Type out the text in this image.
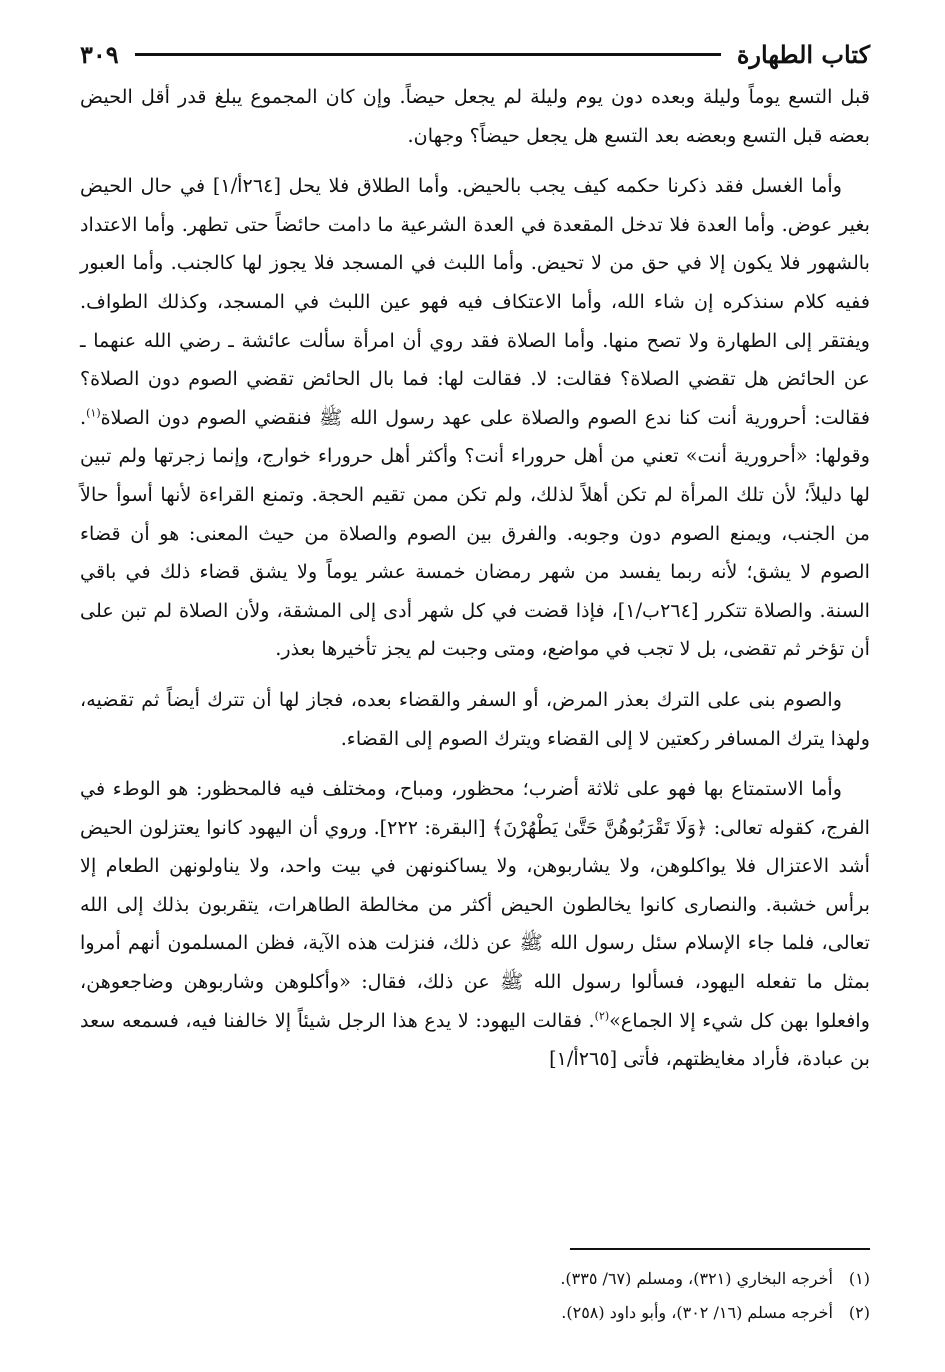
كتاب الطهارة
٣٠٩

قبل التسع يوماً وليلة وبعده دون يوم وليلة لم يجعل حيضاً. وإن كان المجموع يبلغ قدر أقل الحيض بعضه قبل التسع وبعضه بعد التسع هل يجعل حيضاً؟ وجهان.

وأما الغسل فقد ذكرنا حكمه كيف يجب بالحيض. وأما الطلاق فلا يحل [٢٦٤أ/١] في حال الحيض بغير عوض. وأما العدة فلا تدخل المقعدة في العدة الشرعية ما دامت حائضاً حتى تطهر. وأما الاعتداد بالشهور فلا يكون إلا في حق من لا تحيض. وأما اللبث في المسجد فلا يجوز لها كالجنب. وأما العبور ففيه كلام سنذكره إن شاء الله، وأما الاعتكاف فيه فهو عين اللبث في المسجد، وكذلك الطواف. ويفتقر إلى الطهارة ولا تصح منها. وأما الصلاة فقد روي أن امرأة سألت عائشة ـ رضي الله عنهما ـ عن الحائض هل تقضي الصلاة؟ فقالت: لا. فقالت لها: فما بال الحائض تقضي الصوم دون الصلاة؟ فقالت: أحرورية أنت كنا ندع الصوم والصلاة على عهد رسول الله ﷺ فنقضي الصوم دون الصلاة$^{(١)}$. وقولها: «أحرورية أنت» تعني من أهل حروراء أنت؟ وأكثر أهل حروراء خوارج، وإنما زجرتها ولم تبين لها دليلاً؛ لأن تلك المرأة لم تكن أهلاً لذلك، ولم تكن ممن تقيم الحجة. وتمنع القراءة لأنها أسوأ حالاً من الجنب، ويمنع الصوم دون وجوبه. والفرق بين الصوم والصلاة من حيث المعنى: هو أن قضاء الصوم لا يشق؛ لأنه ربما يفسد من شهر رمضان خمسة عشر يوماً ولا يشق قضاء ذلك في باقي السنة. والصلاة تتكرر [٢٦٤ب/١]، فإذا قضت في كل شهر أدى إلى المشقة، ولأن الصلاة لم تبن على أن تؤخر ثم تقضى، بل لا تجب في مواضع، ومتى وجبت لم يجز تأخيرها بعذر.

والصوم بنى على الترك بعذر المرض، أو السفر والقضاء بعده، فجاز لها أن تترك أيضاً ثم تقضيه، ولهذا يترك المسافر ركعتين لا إلى القضاء ويترك الصوم إلى القضاء.

وأما الاستمتاع بها فهو على ثلاثة أضرب؛ محظور، ومباح، ومختلف فيه فالمحظور: هو الوطء في الفرج، كقوله تعالى: ﴿وَلَا تَقْرَبُوهُنَّ حَتَّىٰ يَطْهُرْنَ﴾ [البقرة: ٢٢٢]. وروي أن اليهود كانوا يعتزلون الحيض أشد الاعتزال فلا يواكلوهن، ولا يشاربوهن، ولا يساكنونهن في بيت واحد، ولا يناولونهن الطعام إلا برأس خشبة. والنصارى كانوا يخالطون الحيض أكثر من مخالطة الطاهرات، يتقربون بذلك إلى الله تعالى، فلما جاء الإسلام سئل رسول الله ﷺ عن ذلك، فنزلت هذه الآية، فظن المسلمون أنهم أمروا بمثل ما تفعله اليهود، فسألوا رسول الله ﷺ عن ذلك، فقال: «وأكلوهن وشاربوهن وضاجعوهن، وافعلوا بهن كل شيء إلا الجماع»$^{(٢)}$. فقالت اليهود: لا يدع هذا الرجل شيئاً إلا خالفنا فيه، فسمعه سعد بن عبادة، فأراد مغايظتهم، فأتى [٢٦٥أ/١]

(١)
أخرجه البخاري (٣٢١)، ومسلم (٦٧/ ٣٣٥).
(٢)
أخرجه مسلم (١٦/ ٣٠٢)، وأبو داود (٢٥٨).
